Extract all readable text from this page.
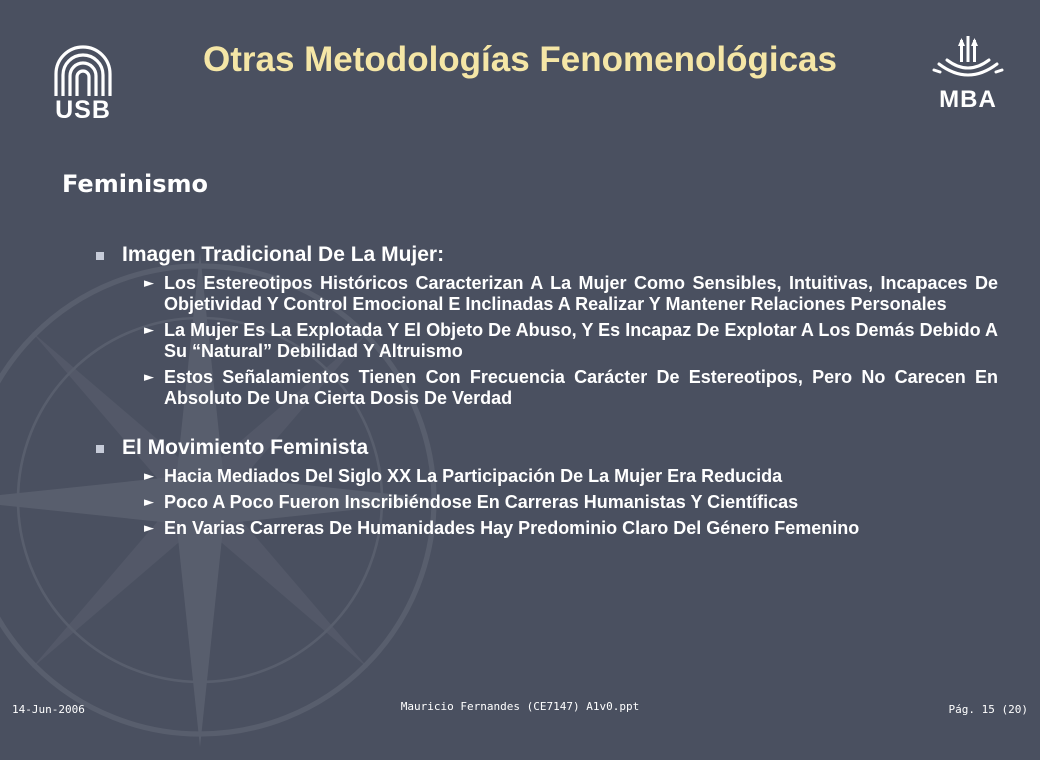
USB
Otras Metodologías Fenomenológicas
MBA
Feminismo
Imagen Tradicional De La Mujer:
► Los Estereotipos Históricos Caracterizan A La Mujer Como Sensibles, Intuitivas, Incapaces De Objetividad Y Control Emocional E Inclinadas A Realizar Y Mantener Relaciones Personales
► La Mujer Es La Explotada Y El Objeto De Abuso, Y Es Incapaz De Explotar A Los Demás Debido A Su “Natural” Debilidad Y Altruismo
► Estos Señalamientos Tienen Con Frecuencia Carácter De Estereotipos, Pero No Carecen En Absoluto De Una Cierta Dosis De Verdad
El Movimiento Feminista
► Hacia Mediados Del Siglo XX La Participación De La Mujer Era Reducida
► Poco A Poco Fueron Inscribiéndose En Carreras Humanistas Y Científicas
► En Varias Carreras De Humanidades Hay Predominio Claro Del Género Femenino
14-Jun-2006	Mauricio Fernandes (CE7147) A1v0.ppt	Pág. 15 (20)
